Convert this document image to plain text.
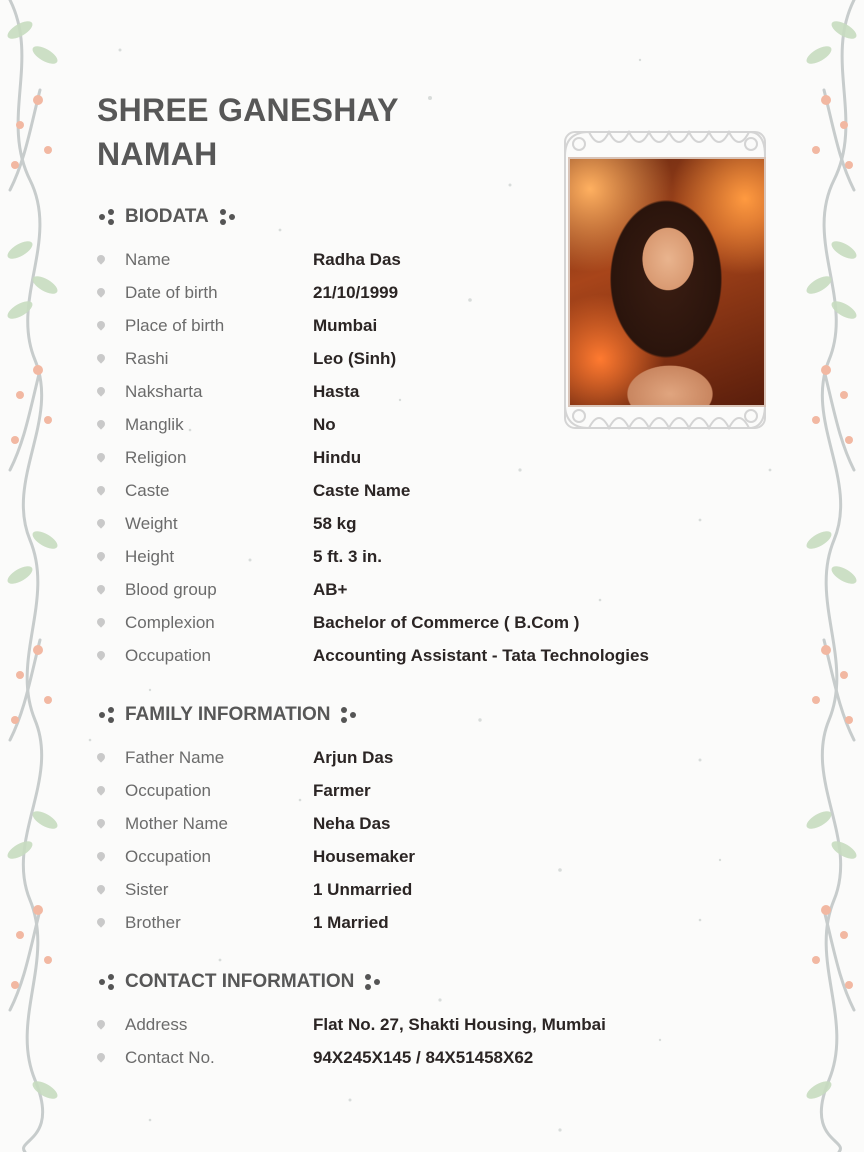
SHREE GANESHAY NAMAH
BIODATA
Name	Radha Das
Date of birth	21/10/1999
Place of birth	Mumbai
Rashi	Leo (Sinh)
Naksharta	Hasta
Manglik	No
Religion	Hindu
Caste	Caste Name
Weight	58 kg
Height	5 ft. 3 in.
Blood group	AB+
Complexion	Bachelor of Commerce ( B.Com )
Occupation	Accounting Assistant - Tata Technologies
FAMILY INFORMATION
Father Name	Arjun Das
Occupation	Farmer
Mother Name	Neha Das
Occupation	Housemaker
Sister	1 Unmarried
Brother	1 Married
CONTACT INFORMATION
Address	Flat No. 27, Shakti Housing, Mumbai
Contact No.	94X245X145 / 84X51458X62
